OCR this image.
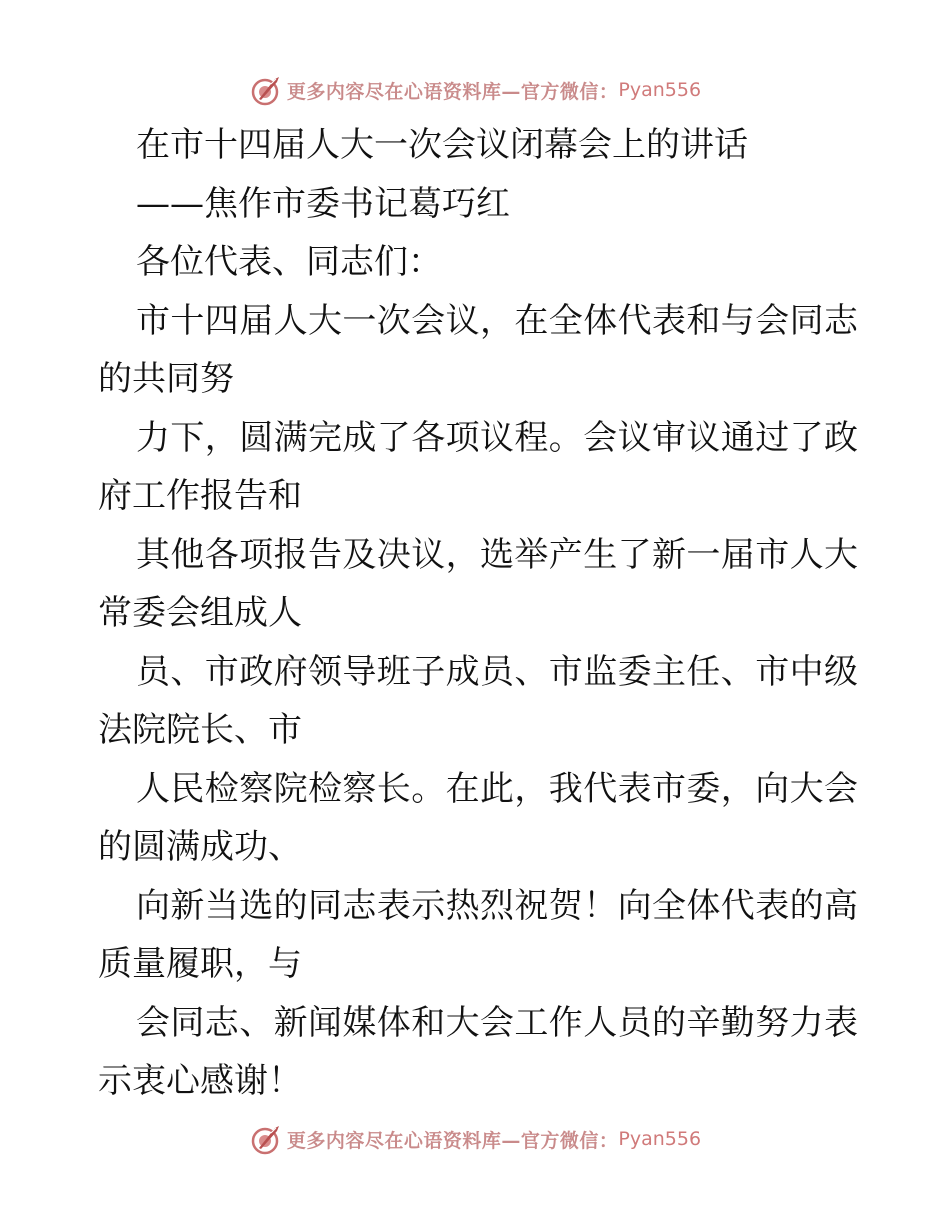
更多内容尽在心语资料库—官方微信： Pyan556
在市十四届人大一次会议闭幕会上的讲话
——焦作市委书记葛巧红
各位代表、同志们：
市十四届人大一次会议，在全体代表和与会同志
的共同努
力下，圆满完成了各项议程。会议审议通过了政
府工作报告和
其他各项报告及决议，选举产生了新一届市人大
常委会组成人
员、市政府领导班子成员、市监委主任、市中级
法院院长、市
人民检察院检察长。在此，我代表市委，向大会
的圆满成功、
向新当选的同志表示热烈祝贺！向全体代表的高
质量履职，与
会同志、新闻媒体和大会工作人员的辛勤努力表
示衷心感谢！
更多内容尽在心语资料库—官方微信： Pyan556
